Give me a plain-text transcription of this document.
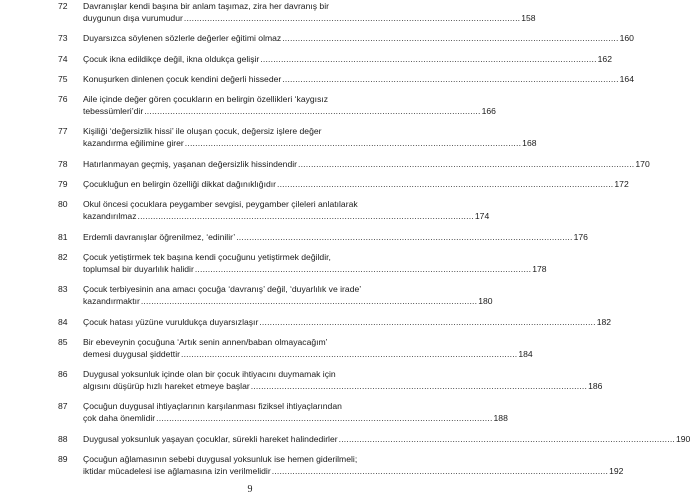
72	Davranışlar kendi başına bir anlam taşımaz, zira her davranış bir
duygunun dışa vurumudur .................................................................................................................................. 158
73	Duyarsızca söylenen sözlerle değerler eğitimi olmaz .................................................................................................................................. 160
74	Çocuk ikna edildikçe değil, ikna oldukça gelişir .................................................................................................................................. 162
75	Konuşurken dinlenen çocuk kendini değerli hisseder .................................................................................................................................. 164
76	Aile içinde değer gören çocukların en belirgin özellikleri ‘kaygısız
tebessümleri’dir .................................................................................................................................. 166
77	Kişiliği ‘değersizlik hissi’ ile oluşan çocuk, değersiz işlere değer
kazandırma eğilimine girer .................................................................................................................................. 168
78	Hatırlanmayan geçmiş, yaşanan değersizlik hissindendir .................................................................................................................................. 170
79	Çocukluğun en belirgin özelliği dikkat dağınıklığıdır .................................................................................................................................. 172
80	Okul öncesi çocuklara peygamber sevgisi, peygamber çileleri anlatılarak
kazandırılmaz .................................................................................................................................. 174
81	Erdemli davranışlar öğrenilmez, ‘edinilir’ .................................................................................................................................. 176
82	Çocuk yetiştirmek tek başına kendi çocuğunu yetiştirmek değildir,
toplumsal bir duyarlılık halidir .................................................................................................................................. 178
83	Çocuk terbiyesinin ana amacı çocuğa ‘davranış’ değil, ‘duyarlılık ve irade’
kazandırmaktır .................................................................................................................................. 180
84	Çocuk hatası yüzüne vuruldukça duyarsızlaşır .................................................................................................................................. 182
85	Bir ebeveynin çocuğuna ‘Artık senin annen/baban olmayacağım’
demesi duygusal şiddettir .................................................................................................................................. 184
86	Duygusal yoksunluk içinde olan bir çocuk ihtiyacını duymamak için
algısını düşürüp hızlı hareket etmeye başlar .................................................................................................................................. 186
87	Çocuğun duygusal ihtiyaçlarının karşılanması fiziksel ihtiyaçlarından
çok daha önemlidir .................................................................................................................................. 188
88	Duygusal yoksunluk yaşayan çocuklar, sürekli hareket halindedirler .................................................................................................................................. 190
89	Çocuğun ağlamasının sebebi duygusal yoksunluk ise hemen giderilmeli;
iktidar mücadelesi ise ağlamasına izin verilmelidir .................................................................................................................................. 192
9
